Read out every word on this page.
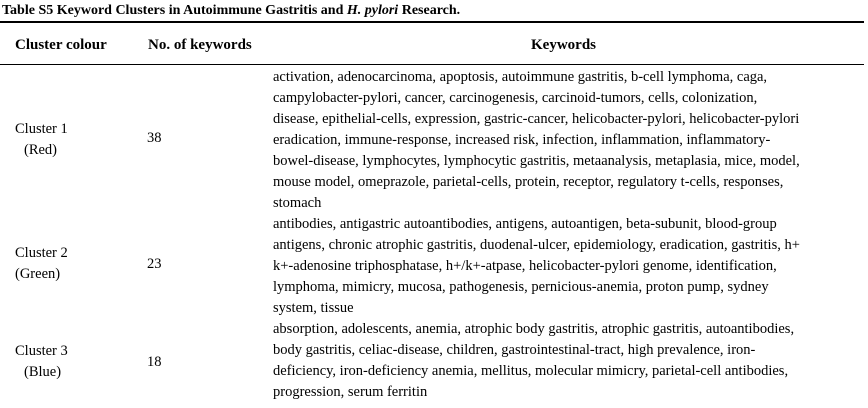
Table S5 Keyword Clusters in Autoimmune Gastritis and H. pylori Research.
Cluster colour	No. of keywords	Keywords
Cluster 1
(Red)
38
activation, adenocarcinoma, apoptosis, autoimmune gastritis, b-cell lymphoma, caga,
campylobacter-pylori, cancer, carcinogenesis, carcinoid-tumors, cells, colonization,
disease, epithelial-cells, expression, gastric-cancer, helicobacter-pylori, helicobacter-pylori
eradication, immune-response, increased risk, infection, inflammation, inflammatory-
bowel-disease, lymphocytes, lymphocytic gastritis, metaanalysis, metaplasia, mice, model,
mouse model, omeprazole, parietal-cells, protein, receptor, regulatory t-cells, responses,
stomach
Cluster 2
(Green)
23
antibodies, antigastric autoantibodies, antigens, autoantigen, beta-subunit, blood-group
antigens, chronic atrophic gastritis, duodenal-ulcer, epidemiology, eradication, gastritis, h+
k+-adenosine triphosphatase, h+/k+-atpase, helicobacter-pylori genome, identification,
lymphoma, mimicry, mucosa, pathogenesis, pernicious-anemia, proton pump, sydney
system, tissue
Cluster 3
(Blue)
18
absorption, adolescents, anemia, atrophic body gastritis, atrophic gastritis, autoantibodies,
body gastritis, celiac-disease, children, gastrointestinal-tract, high prevalence, iron-
deficiency, iron-deficiency anemia, mellitus, molecular mimicry, parietal-cell antibodies,
progression, serum ferritin
